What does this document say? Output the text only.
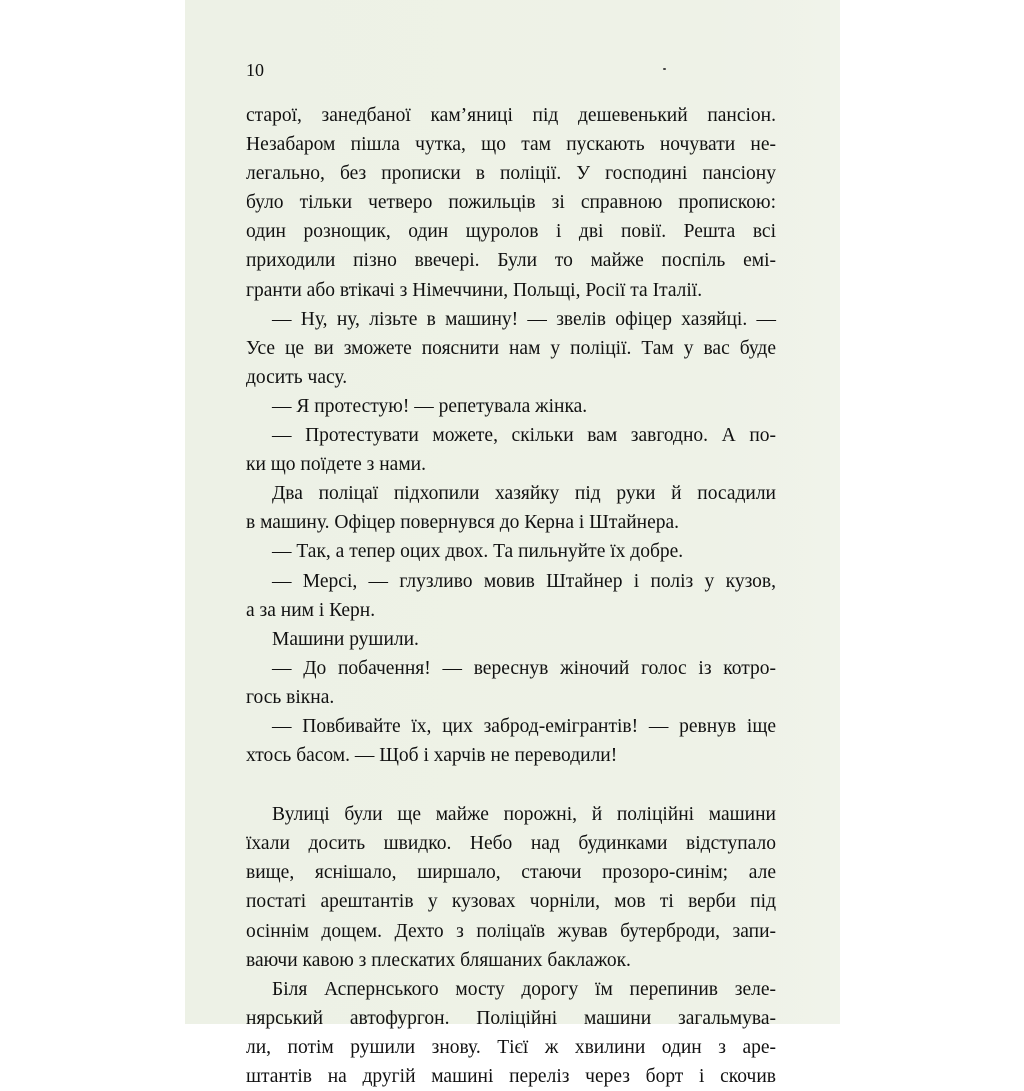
10
старої, занедбаної кам’яниці під дешевенький пансіон.
Незабаром пішла чутка, що там пускають ночувати не-
легально, без прописки в поліції. У господині пансіону
було тільки четверо пожильців зі справною пропискою:
один рознощик, один щуролов і дві повії. Решта всі
приходили пізно ввечері. Були то майже поспіль емі-
гранти або втікачі з Німеччини, Польщі, Росії та Італії.
— Ну, ну, лізьте в машину! — звелів офіцер хазяйці. —
Усе це ви зможете пояснити нам у поліції. Там у вас буде
досить часу.
— Я протестую! — репетувала жінка.
— Протестувати можете, скільки вам завгодно. А по-
ки що поїдете з нами.
Два поліцаї підхопили хазяйку під руки й посадили
в машину. Офіцер повернувся до Керна і Штайнера.
— Так, а тепер оцих двох. Та пильнуйте їх добре.
— Мерсі, — глузливо мовив Штайнер і поліз у кузов,
а за ним і Керн.
Машини рушили.
— До побачення! — вереснув жіночий голос із котро-
гось вікна.
— Повбивайте їх, цих заброд-емігрантів! — ревнув іще
хтось басом. — Щоб і харчів не переводили!
Вулиці були ще майже порожні, й поліційні машини
їхали досить швидко. Небо над будинками відступало
вище, яснішало, ширшало, стаючи прозоро-синім; але
постаті арештантів у кузовах чорніли, мов ті верби під
осіннім дощем. Дехто з поліцаїв жував бутерброди, запи-
ваючи кавою з плескатих бляшаних баклажок.
Біля Аспернського мосту дорогу їм перепинив зеле-
нярський автофургон. Поліційні машини загальмува-
ли, потім рушили знову. Тієї ж хвилини один з аре-
штантів на другій машині переліз через борт і скочив
